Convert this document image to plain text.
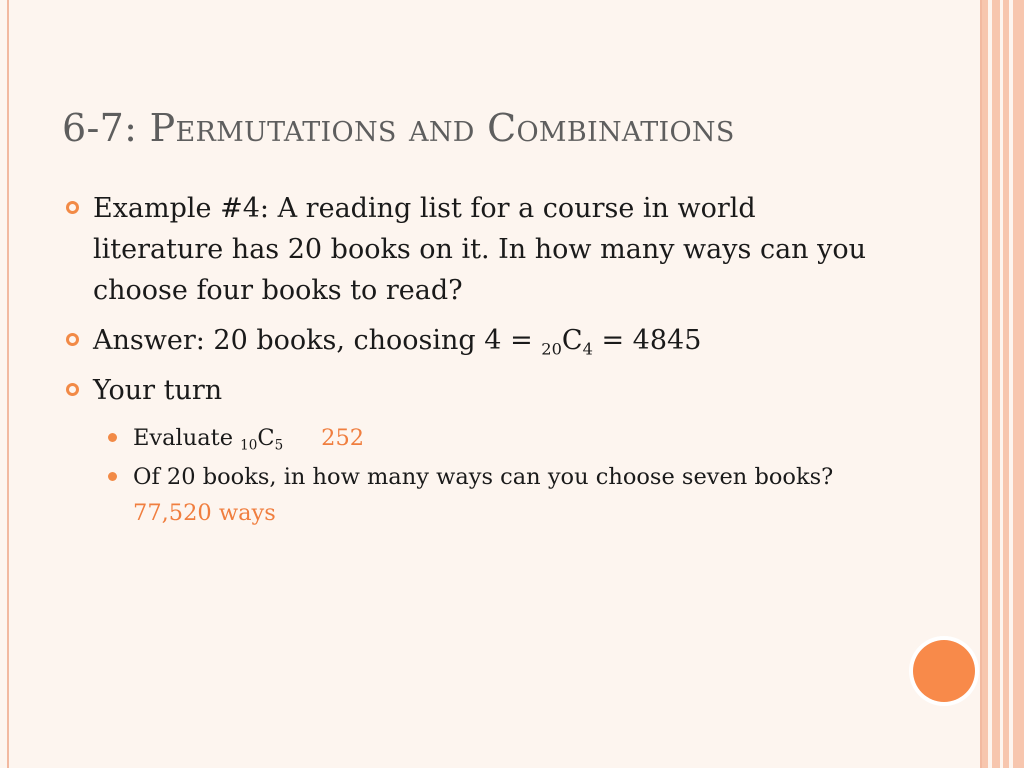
6-7: Permutations and Combinations
Example #4: A reading list for a course in world literature has 20 books on it. In how many ways can you choose four books to read?
Answer: 20 books, choosing $4 = _{20}C_4 = 4845$
Your turn
Evaluate $_{10}C_5$ 252
Of 20 books, in how many ways can you choose seven books?77,520 ways
